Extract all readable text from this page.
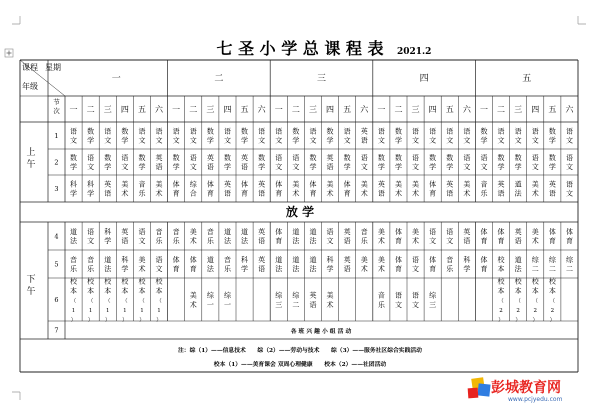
七 圣 小 学 总 课 程 表 2021.2
课程 星期
年级
节
次
一
一 二 三 四 五 六
二
一 二 三 四 五 六
三
一 二 三 四 五 六
四
一 二 三 四 五 六
五
一 二 三 四 五 六
上
午
下
午
1
2
3
4
5
6
7
放 学
语
文
数
学
语
文
数
学
语
文
语
文
语
文
语
文
数
学
语
文
数
学
语
文
语
文
数
学
语
文
数
学
语
文
英
语
语
文
数
学
语
文
语
文
语
文
语
文
数
学
语
文
语
文
语
文
数
学
语
文
数
学
语
文
数
学
语
文
数
学
英
语
数
学
语
文
英
语
数
学
英
语
数
学
语
文
语
文
数
学
英
语
数
学
语
文
数
学
数
学
语
文
数
学
数
学
语
文
语
文
数
学
数
学
语
文
数
学
语
文
科
学
科
学
英
语
美
术
音
乐
美
术
体
育
综
合
体
育
英
语
体
育
英
语
体
育
美
术
体
育
美
术
体
育
美
术
英
语
美
术
美
术
体
育
英
语
美
术
音
乐
英
语
道
法
美
术
英
语
语
文
道
法
语
文
科
学
英
语
语
文
音
乐
音
乐
美
术
音
乐
道
法
道
法
英
语
体
育
道
法
道
法
语
文
英
语
音
乐
美
术
体
育
美
术
语
文
语
文
英
语
体
育
体
育
英
语
美
术
体
育
体
育
音
乐
音
乐
道
法
科
学
美
术
语
文
体
育
体
育
道
法
音
乐
科
学
英
语
道
法
道
法
道
法
科
学
英
语
美
术
美
术
体
育
语
文
体
育
音
乐
科
学
体
育
校
本
道
法
综
二
综
二
综
二
校
本
（
1
）
校
本
（
1
）
校
本
（
1
）
校
本
（
1
）
校
本
（
1
）
校
本
（
1
）
美
术
综
一
综
一
综
三
综
二
英
语
美
术
音
乐
语
文
语
文
综
三
校
本
（
2
）
校
本
（
2
）
校
本
（
2
）
校
本
（
2
）
各 班 兴 趣 小 组 活 动
注：综（1）——信息技术　　综（2）——劳动与技术　　综（3）——服务社区综合实践活动
校本（1）——美育课会 双周心理健康　　校本（2）——社团活动
彭城教育网
www.pcjyedu.com
